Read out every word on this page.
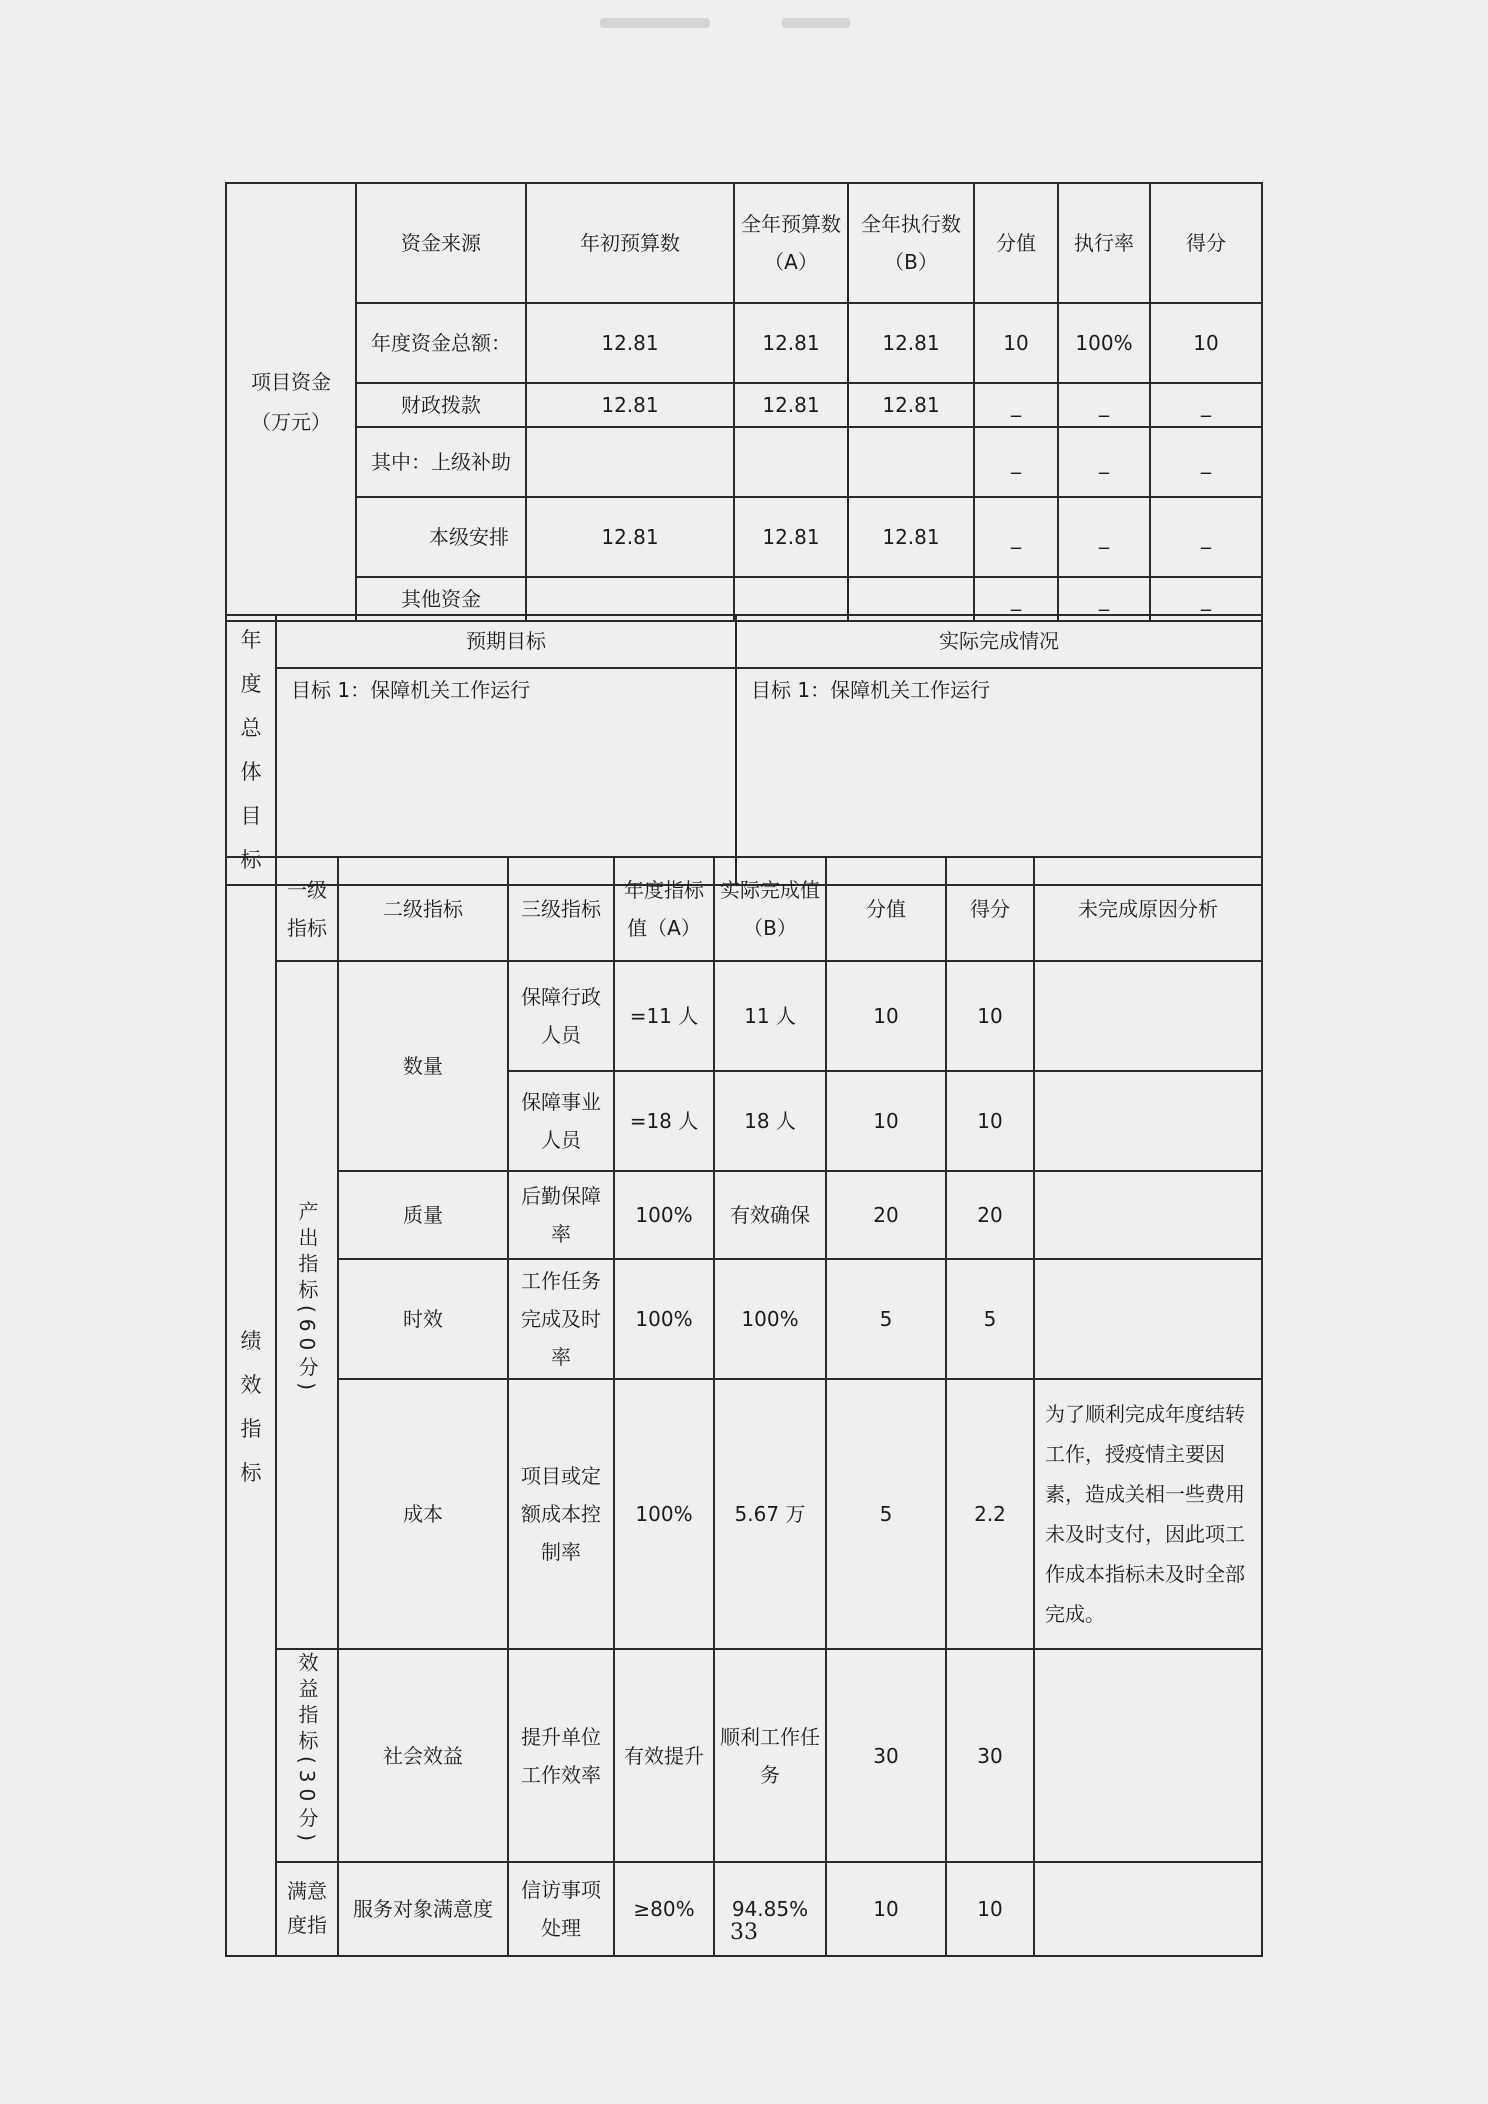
项目资金（万元）	资金来源	年初预算数	全年预算数（A）	全年执行数（B）	分值	执行率	得分
	年度资金总额：	12.81	12.81	12.81	10	100%	10
	财政拨款	12.81	12.81	12.81	_	_	_
	其中：上级补助				_	_	_
	本级安排	12.81	12.81	12.81	_	_	_
	其他资金				_	_	_
年度总体目标	预期目标	实际完成情况
	目标 1：保障机关工作运行	目标 1：保障机关工作运行
绩效指标	一级指标	二级指标	三级指标	年度指标值（A）	实际完成值（B）	分值	得分	未完成原因分析
	产出指标(60分)	数量	保障行政人员	=11 人	11 人	10	10	
			保障事业人员	=18 人	18 人	10	10	
		质量	后勤保障率	100%	有效确保	20	20	
		时效	工作任务完成及时率	100%	100%	5	5	
		成本	项目或定额成本控制率	100%	5.67 万	5	2.2	为了顺利完成年度结转工作，授疫情主要因素，造成关相一些费用未及时支付，因此项工作成本指标未及时全部完成。
	效益指标(30分)	社会效益	提升单位工作效率	有效提升	顺利工作任务	30	30	
	满意度指	服务对象满意度	信访事项处理	≥80%	94.85%	10	10	
33
